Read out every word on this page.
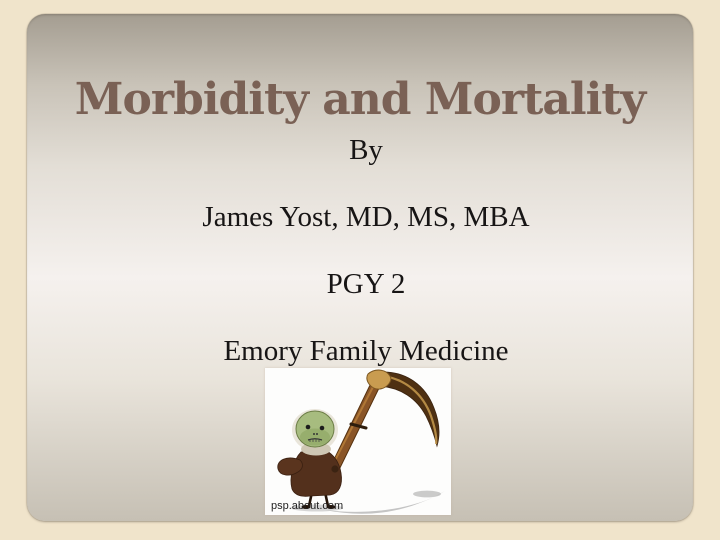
Morbidity and Mortality
By
James Yost, MD, MS, MBA
PGY 2
Emory Family Medicine
psp.about.com
